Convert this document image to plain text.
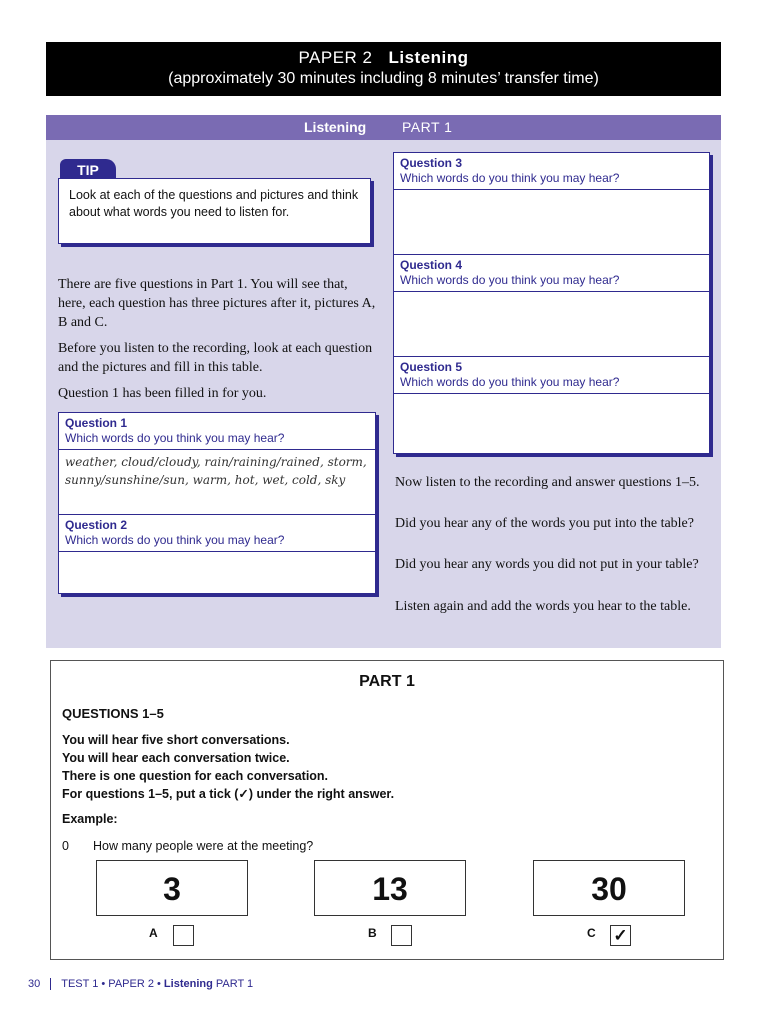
PAPER 2 Listening
(approximately 30 minutes including 8 minutes’ transfer time)
Listening	PART 1
TIP
Look at each of the questions and pictures and think about what words you need to listen for.
There are five questions in Part 1. You will see that, here, each question has three pictures after it, pictures A, B and C.
Before you listen to the recording, look at each question and the pictures and fill in this table.
Question 1 has been filled in for you.
Question 1
Which words do you think you may hear?
weather, cloud/cloudy, rain/raining/rained, storm, sunny/sunshine/sun, warm, hot, wet, cold, sky
Question 2
Which words do you think you may hear?
Question 3
Which words do you think you may hear?
Question 4
Which words do you think you may hear?
Question 5
Which words do you think you may hear?
Now listen to the recording and answer questions 1–5.
Did you hear any of the words you put into the table?
Did you hear any words you did not put in your table?
Listen again and add the words you hear to the table.
PART 1
QUESTIONS 1–5
You will hear five short conversations.
You will hear each conversation twice.
There is one question for each conversation.
For questions 1–5, put a tick (✓) under the right answer.
Example:
0 How many people were at the meeting?
3	13	30
A	B	C ✓
30 TEST 1 • PAPER 2 • Listening PART 1
